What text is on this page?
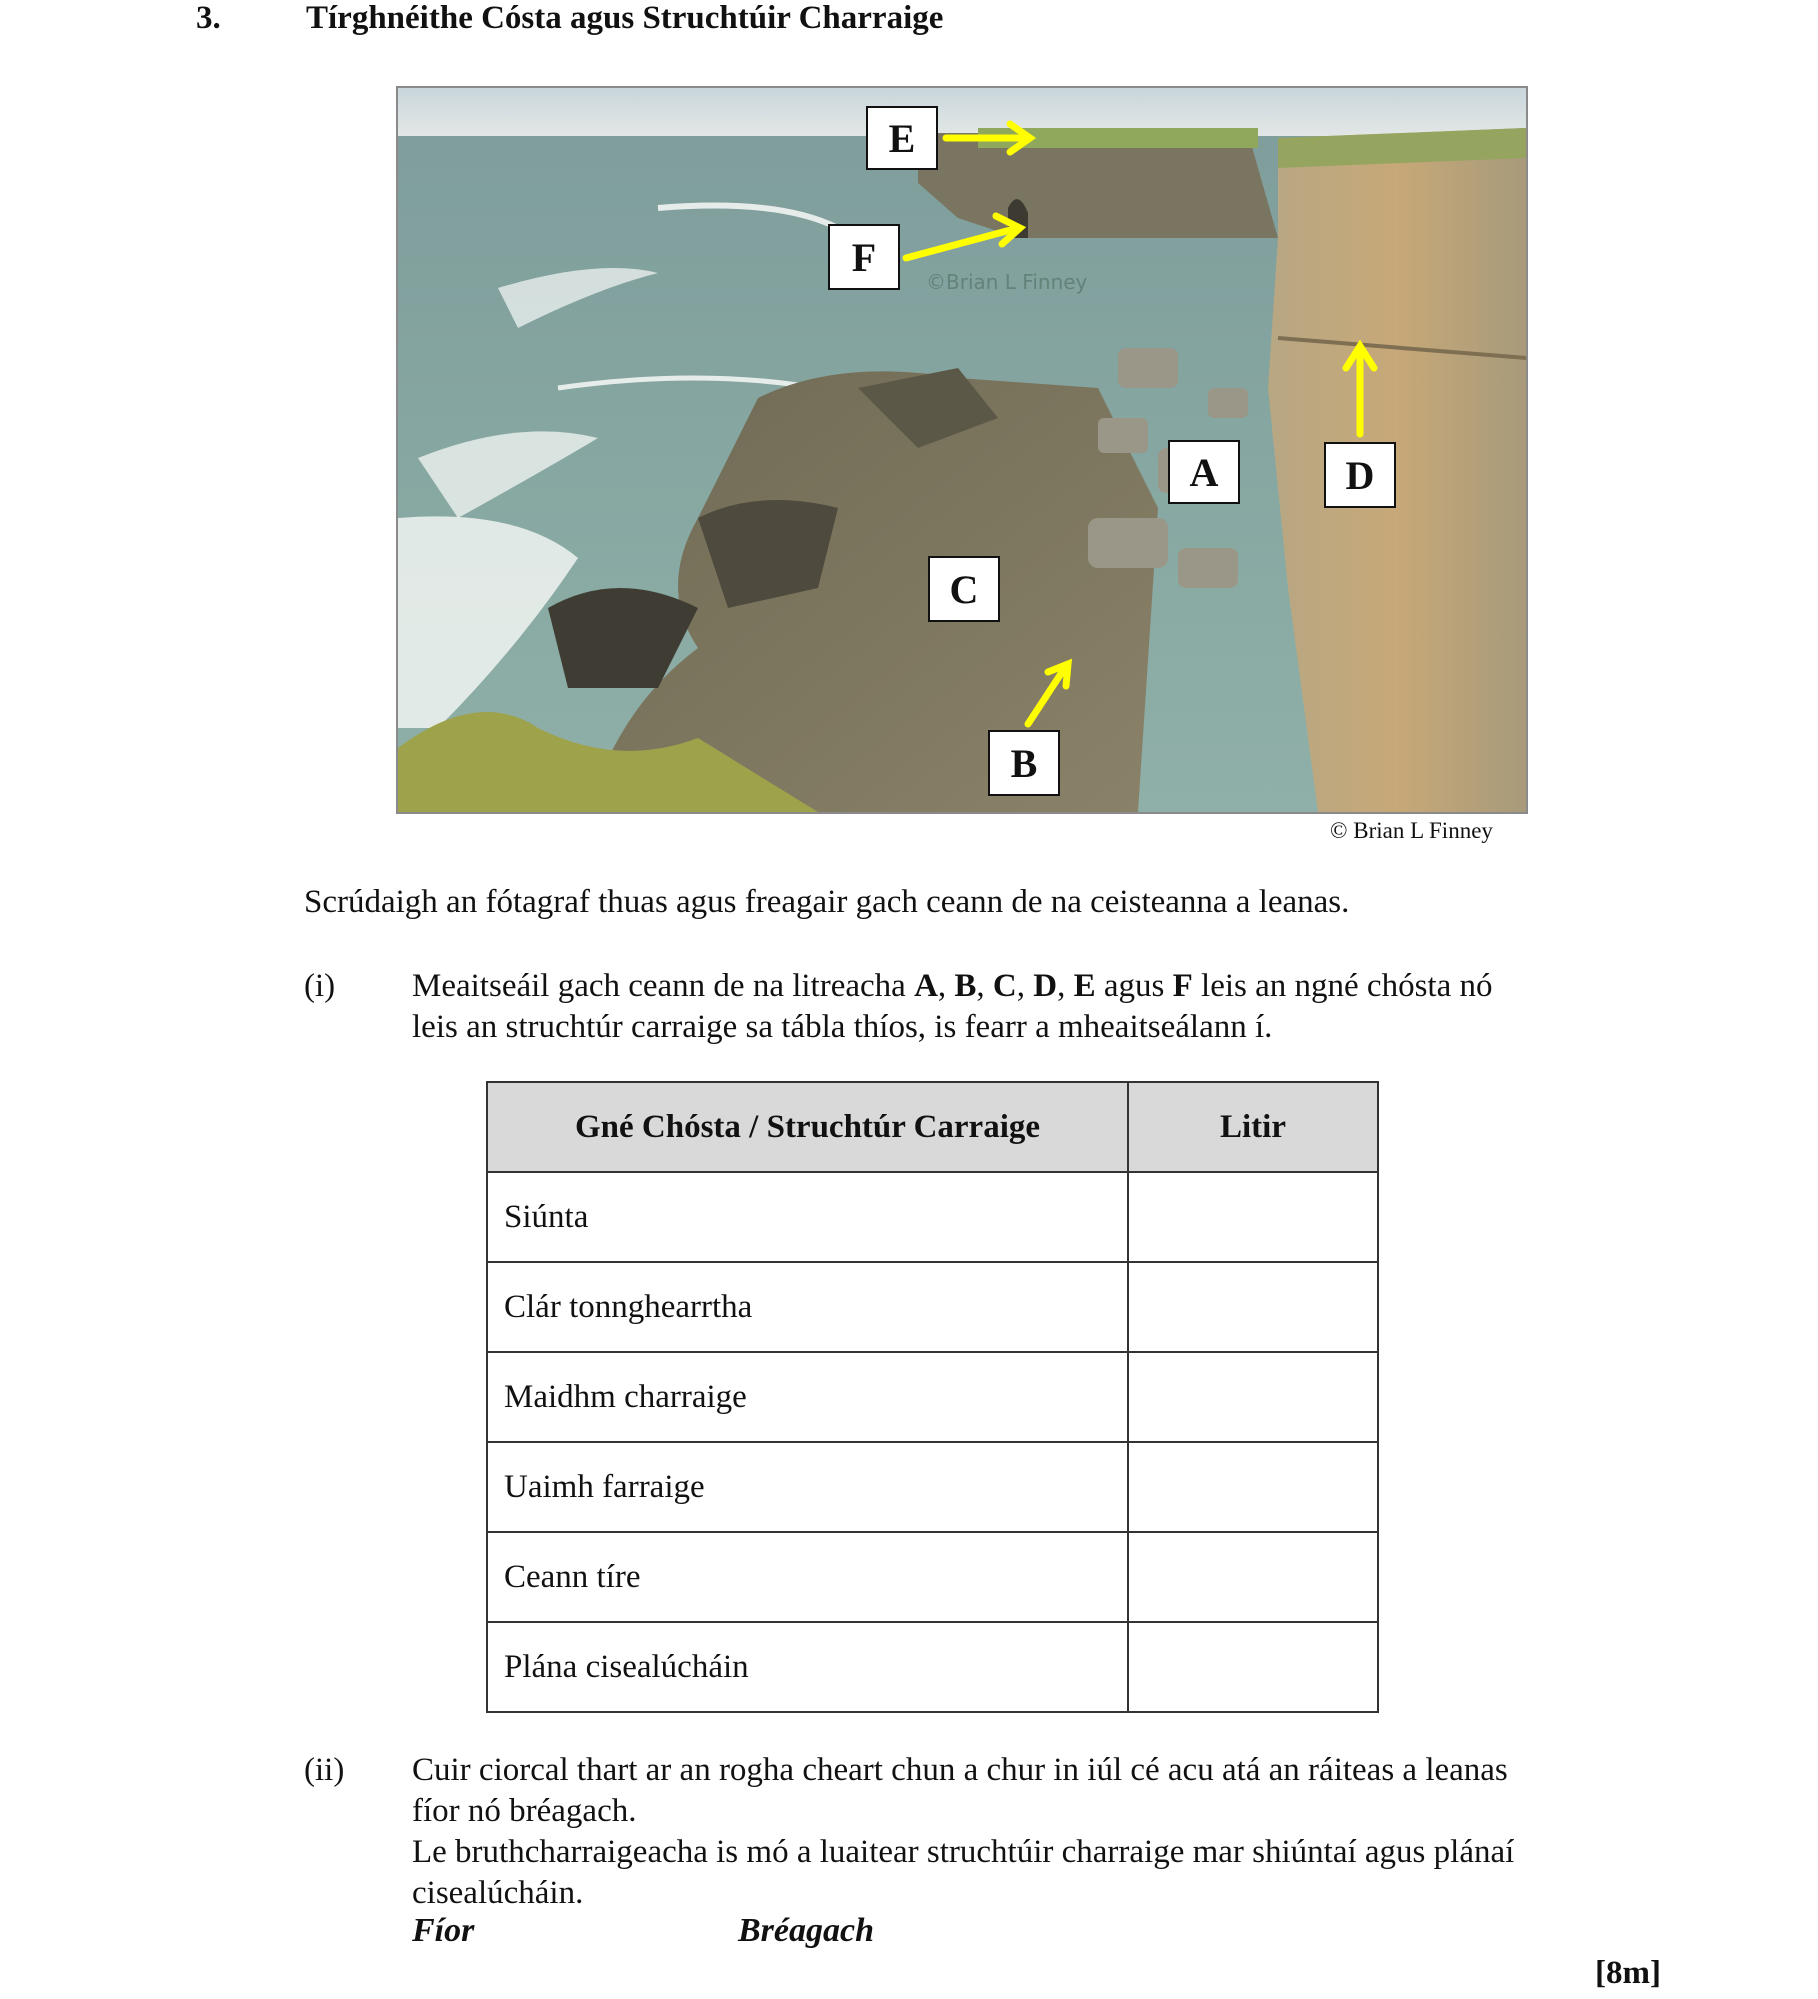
3.	Tírghnéithe Cósta agus Struchtúir Charraige
E
F
A	D
C
B
©Brian L Finney
© Brian L Finney
Scrúdaigh an fótagraf thuas agus freagair gach ceann de na ceisteanna a leanas.
(i) Meaitseáil gach ceann de na litreacha A, B, C, D, E agus F leis an ngné chósta nó
leis an struchtúr carraige sa tábla thíos, is fearr a mheaitseálann í.
Gné Chósta / Struchtúr Carraige	Litir
Siúnta	
Clár tonnghearrtha	
Maidhm charraige	
Uaimh farraige	
Ceann tíre	
Plána cisealúcháin	
(ii) Cuir ciorcal thart ar an rogha cheart chun a chur in iúl cé acu atá an ráiteas a leanas
fíor nó bréagach.
Le bruthcharraigeacha is mó a luaitear struchtúir charraige mar shiúntaí agus plánaí
cisealúcháin.
Fíor	Bréagach
[8m]
